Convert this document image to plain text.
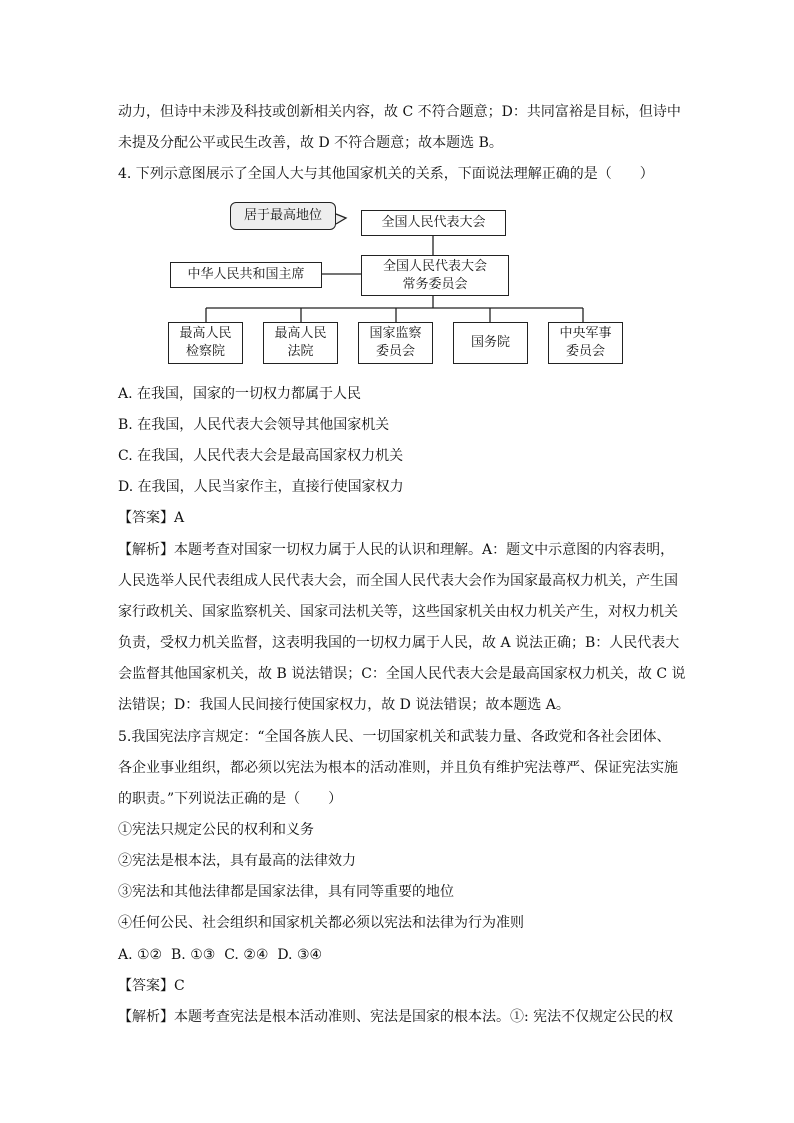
动力，但诗中未涉及科技或创新相关内容，故 C 不符合题意；D：共同富裕是目标，但诗中
未提及分配公平或民生改善，故 D 不符合题意；故本题选 B。
4. 下列示意图展示了全国人大与其他国家机关的关系，下面说法理解正确的是（　　）
居于最高地位	全国人民代表大会
中华人民共和国主席
全国人民代表大会
常务委员会
最高人民
检察院
最高人民
法院
国家监察
委员会
国务院
中央军事
委员会
A. 在我国，国家的一切权力都属于人民
B. 在我国，人民代表大会领导其他国家机关
C. 在我国，人民代表大会是最高国家权力机关
D. 在我国，人民当家作主，直接行使国家权力
【答案】A
【解析】本题考查对国家一切权力属于人民的认识和理解。A：题文中示意图的内容表明，
人民选举人民代表组成人民代表大会，而全国人民代表大会作为国家最高权力机关，产生国
家行政机关、国家监察机关、国家司法机关等，这些国家机关由权力机关产生，对权力机关
负责，受权力机关监督，这表明我国的一切权力属于人民，故 A 说法正确；B：人民代表大
会监督其他国家机关，故 B 说法错误；C：全国人民代表大会是最高国家权力机关，故 C 说
法错误；D：我国人民间接行使国家权力，故 D 说法错误；故本题选 A。
5.我国宪法序言规定：“全国各族人民、一切国家机关和武装力量、各政党和各社会团体、
各企业事业组织，都必须以宪法为根本的活动准则，并且负有维护宪法尊严、保证宪法实施
的职责。”下列说法正确的是（　　）
①宪法只规定公民的权利和义务
②宪法是根本法，具有最高的法律效力
③宪法和其他法律都是国家法律，具有同等重要的地位
④任何公民、社会组织和国家机关都必须以宪法和法律为行为准则
A. ①②  B. ①③  C. ②④  D. ③④
【答案】C
【解析】本题考查宪法是根本活动准则、宪法是国家的根本法。①: 宪法不仅规定公民的权
